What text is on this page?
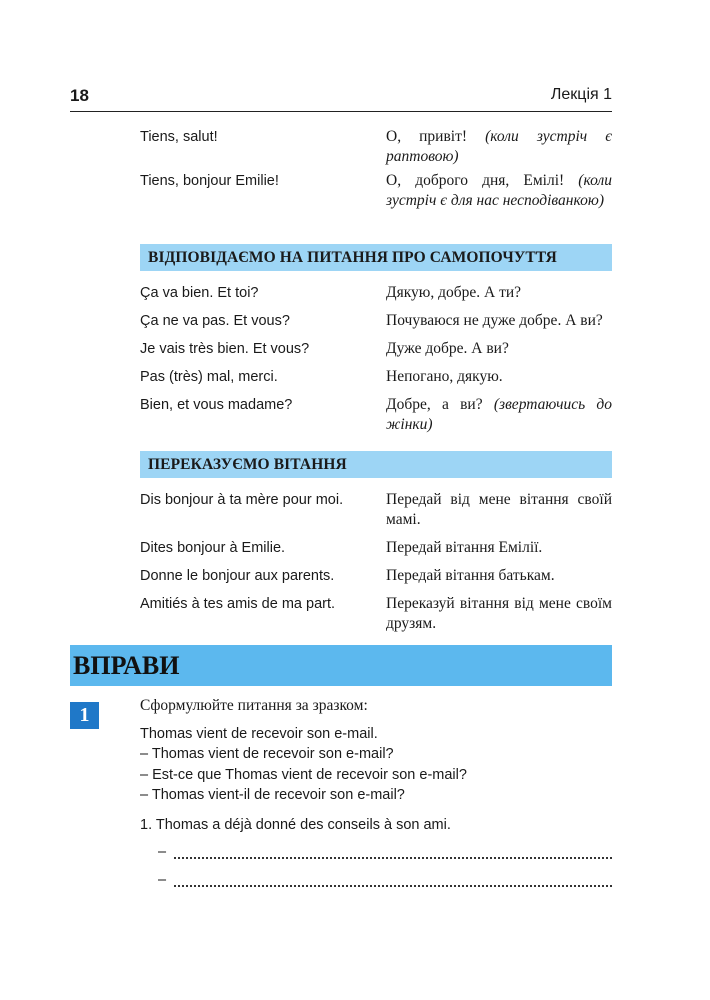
18	Лекція 1
Tiens, salut!	О, привіт! (коли зустріч є раптовою)
Tiens, bonjour Emilie!	О, доброго дня, Емілі! (коли зустріч є для нас несподіванкою)
ВІДПОВІДАЄМО НА ПИТАННЯ ПРО САМОПОЧУТТЯ
Ça va bien. Et toi?	Дякую, добре. А ти?
Ça ne va pas. Et vous?	Почуваюся не дуже добре. А ви?
Je vais très bien. Et vous?	Дуже добре. А ви?
Pas (très) mal, merci.	Непогано, дякую.
Bien, et vous madame?	Добре, а ви? (звертаючись до жінки)
ПЕРЕКАЗУЄМО ВІТАННЯ
Dis bonjour à ta mère pour moi.	Передай від мене вітання своїй мамі.
Dites bonjour à Emilie.	Передай вітання Емілії.
Donne le bonjour aux parents.	Передай вітання батькам.
Amitiés à tes amis de ma part.	Переказуй вітання від мене своїм друзям.
ВПРАВИ
1	Сформулюйте питання за зразком:
Thomas vient de recevoir son e-mail.
– Thomas vient de recevoir son e-mail?
– Est-ce que Thomas vient de recevoir son e-mail?
– Thomas vient-il de recevoir son e-mail?
1. Thomas a déjà donné des conseils à son ami.
–
–
